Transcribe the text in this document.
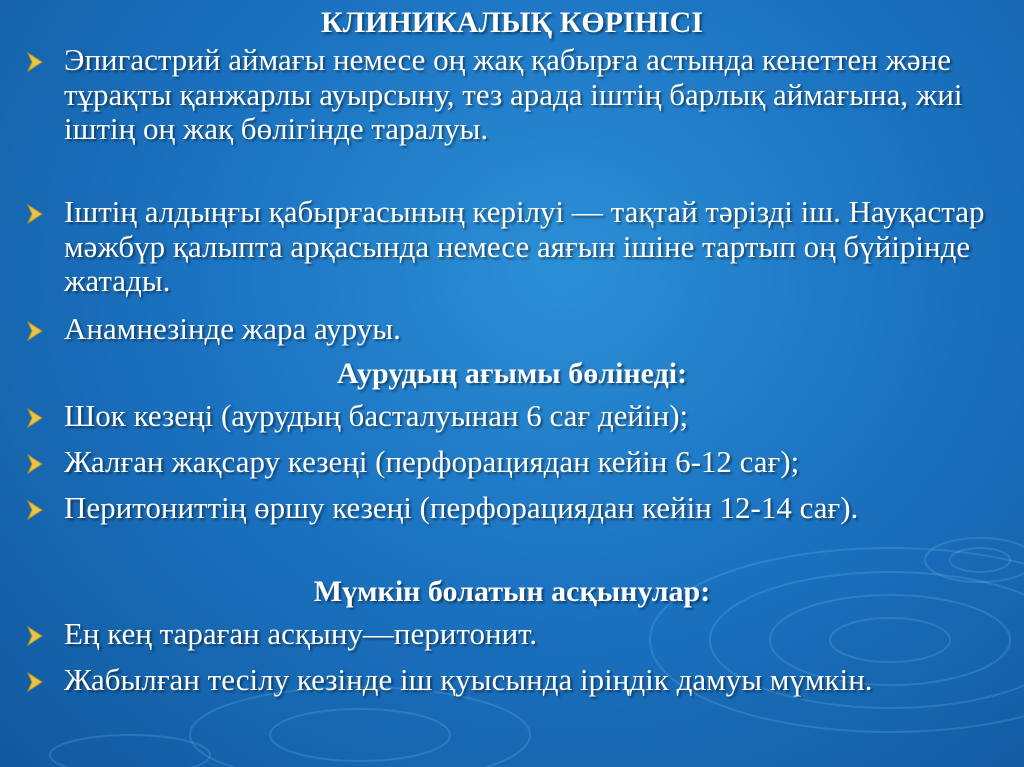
КЛИНИКАЛЫҚ КӨРІНІСІ
Эпигастрий аймағы немесе оң жақ қабырға астында кенеттен және тұрақты қанжарлы ауырсыну, тез арада іштің барлық аймағына, жиі іштің оң жақ бөлігінде таралуы.
Іштің алдыңғы қабырғасының керілуі — тақтай тәрізді іш. Науқастар мәжбүр қалыпта арқасында немесе аяғын ішіне тартып оң бүйірінде жатады.
Анамнезінде жара ауруы.
Аурудың ағымы бөлінеді:
Шок кезеңі (аурудың басталуынан 6 сағ дейін);
Жалған жақсару кезеңі (перфорациядан кейін 6-12 сағ);
Перитониттің өршу кезеңі (перфорациядан кейін 12-14 сағ).
Мүмкін болатын асқынулар:
Ең кең тараған асқыну—перитонит.
Жабылған тесілу кезінде іш қуысында іріңдік дамуы мүмкін.
